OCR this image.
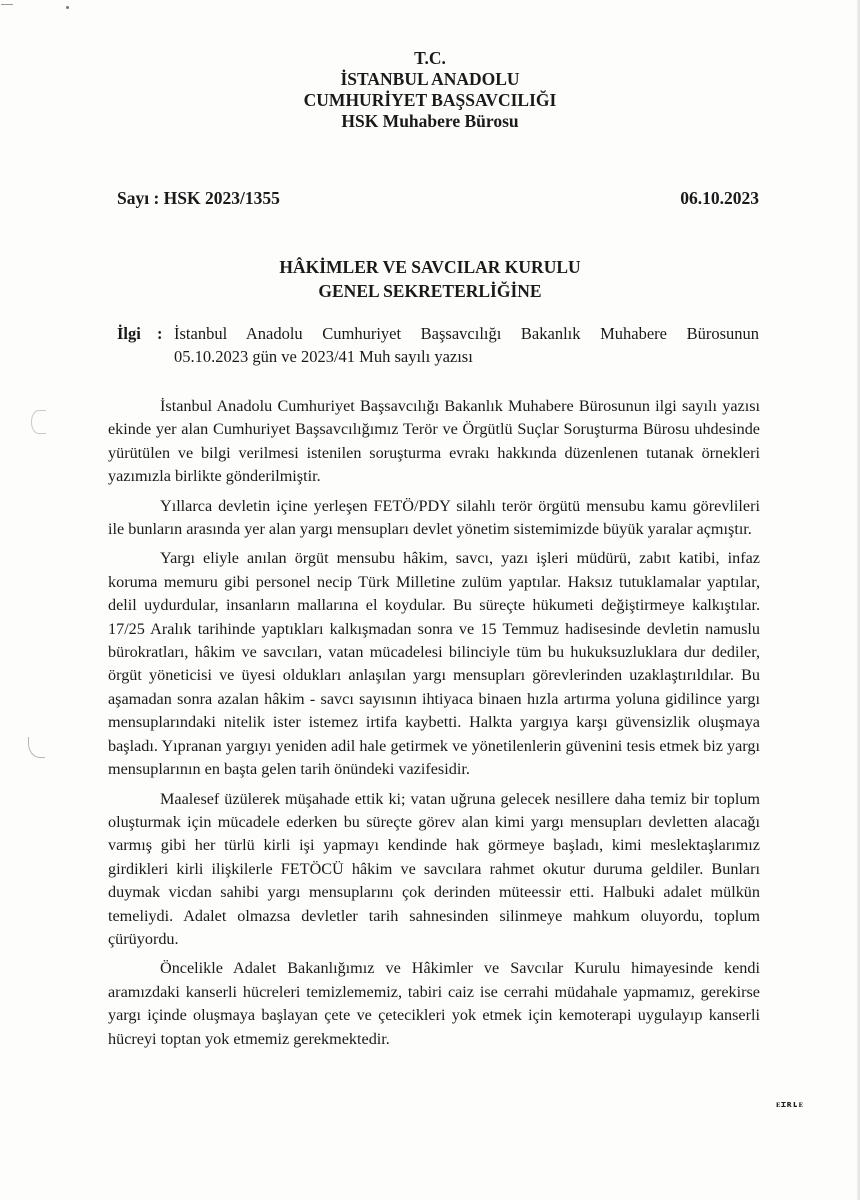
T.C.
İSTANBUL ANADOLU
CUMHURİYET BAŞSAVCILIĞI
HSK Muhabere Bürosu
Sayı : HSK 2023/1355	06.10.2023
HÂKİMLER VE SAVCILAR KURULU
GENEL SEKRETERLİĞİNE
İlgi : İstanbul Anadolu Cumhuriyet Başsavcılığı Bakanlık Muhabere Bürosunun
05.10.2023 gün ve 2023/41 Muh sayılı yazısı

İstanbul Anadolu Cumhuriyet Başsavcılığı Bakanlık Muhabere Bürosunun ilgi sayılı yazısı ekinde yer alan Cumhuriyet Başsavcılığımız Terör ve Örgütlü Suçlar Soruşturma Bürosu uhdesinde yürütülen ve bilgi verilmesi istenilen soruşturma evrakı hakkında düzenlenen tutanak örnekleri yazımızla birlikte gönderilmiştir.

Yıllarca devletin içine yerleşen FETÖ/PDY silahlı terör örgütü mensubu kamu görevlileri ile bunların arasında yer alan yargı mensupları devlet yönetim sistemimizde büyük yaralar açmıştır.

Yargı eliyle anılan örgüt mensubu hâkim, savcı, yazı işleri müdürü, zabıt katibi, infaz koruma memuru gibi personel necip Türk Milletine zulüm yaptılar. Haksız tutuklamalar yaptılar, delil uydurdular, insanların mallarına el koydular. Bu süreçte hükumeti değiştirmeye kalkıştılar. 17/25 Aralık tarihinde yaptıkları kalkışmadan sonra ve 15 Temmuz hadisesinde devletin namuslu bürokratları, hâkim ve savcıları, vatan mücadelesi bilinciyle tüm bu hukuksuzluklara dur dediler, örgüt yöneticisi ve üyesi oldukları anlaşılan yargı mensupları görevlerinden uzaklaştırıldılar. Bu aşamadan sonra azalan hâkim - savcı sayısının ihtiyaca binaen hızla artırma yoluna gidilince yargı mensuplarındaki nitelik ister istemez irtifa kaybetti. Halkta yargıya karşı güvensizlik oluşmaya başladı. Yıpranan yargıyı yeniden adil hale getirmek ve yönetilenlerin güvenini tesis etmek biz yargı mensuplarının en başta gelen tarih önündeki vazifesidir.

Maalesef üzülerek müşahade ettik ki; vatan uğruna gelecek nesillere daha temiz bir toplum oluşturmak için mücadele ederken bu süreçte görev alan kimi yargı mensupları devletten alacağı varmış gibi her türlü kirli işi yapmayı kendinde hak görmeye başladı, kimi meslektaşlarımız girdikleri kirli ilişkilerle FETÖCÜ hâkim ve savcılara rahmet okutur duruma geldiler. Bunları duymak vicdan sahibi yargı mensuplarını çok derinden müteessir etti. Halbuki adalet mülkün temeliydi. Adalet olmazsa devletler tarih sahnesinden silinmeye mahkum oluyordu, toplum çürüyordu.

Öncelikle Adalet Bakanlığımız ve Hâkimler ve Savcılar Kurulu himayesinde kendi aramızdaki kanserli hücreleri temizlememiz, tabiri caiz ise cerrahi müdahale yapmamız, gerekirse yargı içinde oluşmaya başlayan çete ve çetecikleri yok etmek için kemoterapi uygulayıp kanserli hücreyi toptan yok etmemiz gerekmektedir.

ᴇɪʀʟᴇ
